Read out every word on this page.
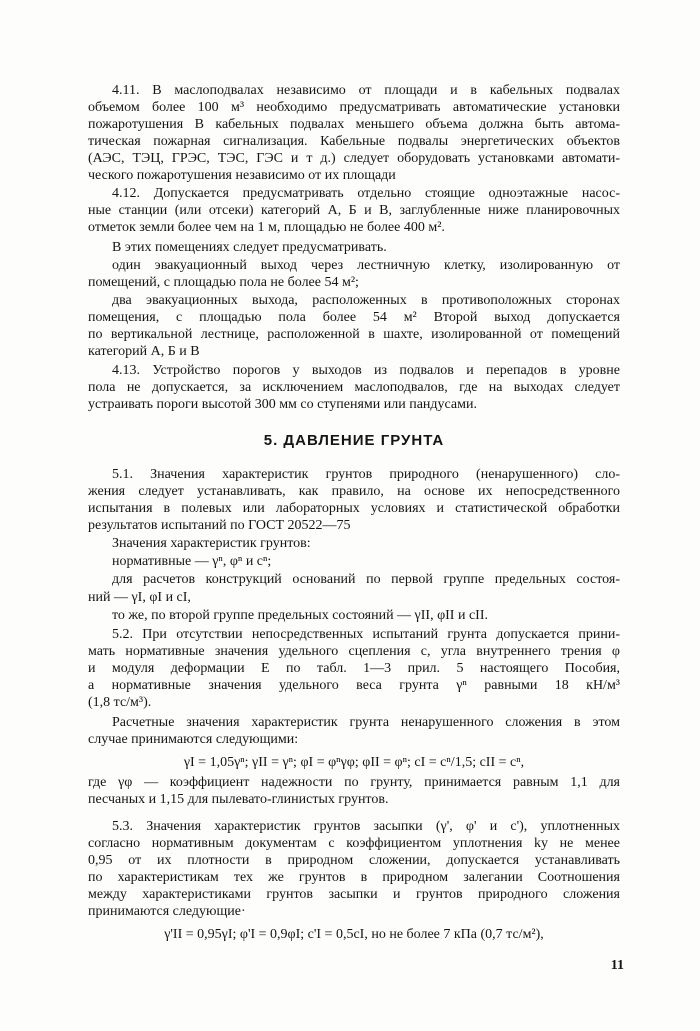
4.11. В маслоподвалах независимо от площади и в кабельных подвалах
объемом более 100 м³ необходимо предусматривать автоматические установки
пожаротушения В кабельных подвалах меньшего объема должна быть автома-
тическая пожарная сигнализация. Кабельные подвалы энергетических объектов
(АЭС, ТЭЦ, ГРЭС, ТЭС, ГЭС и т д.) следует оборудовать установками автомати-
ческого пожаротушения независимо от их площади
4.12. Допускается предусматривать отдельно стоящие одноэтажные насос-
ные станции (или отсеки) категорий А, Б и В, заглубленные ниже планировочных
отметок земли более чем на 1 м, площадью не более 400 м².
В этих помещениях следует предусматривать.
один эвакуационный выход через лестничную клетку, изолированную от
помещений, с площадью пола не более 54 м²;
два эвакуационных выхода, расположенных в противоположных сторонах
помещения, с площадью пола более 54 м² Второй выход допускается
по вертикальной лестнице, расположенной в шахте, изолированной от помещений
категорий А, Б и В
4.13. Устройство порогов у выходов из подвалов и перепадов в уровне
пола не допускается, за исключением маслоподвалов, где на выходах следует
устраивать пороги высотой 300 мм со ступенями или пандусами.
5. ДАВЛЕНИЕ ГРУНТА
5.1. Значения характеристик грунтов природного (ненарушенного) сло-
жения следует устанавливать, как правило, на основе их непосредственного
испытания в полевых или лабораторных условиях и статистической обработки
результатов испытаний по ГОСТ 20522—75
Значения характеристик грунтов:
нормативные — γⁿ, φⁿ и cⁿ;
для расчетов конструкций оснований по первой группе предельных состоя-
ний — γI, φI и cI,
то же, по второй группе предельных состояний — γII, φII и cII.
5.2. При отсутствии непосредственных испытаний грунта допускается прини-
мать нормативные значения удельного сцепления c, угла внутреннего трения φ
и модуля деформации E по табл. 1—3 прил. 5 настоящего Пособия,
а нормативные значения удельного веса грунта γⁿ равными 18 кН/м³
(1,8 тс/м³).
Расчетные значения характеристик грунта ненарушенного сложения в этом
случае принимаются следующими:
γI = 1,05γⁿ; γII = γⁿ; φI = φⁿγφ; φII = φⁿ; cI = cⁿ/1,5; cII = cⁿ,
где γφ — коэффициент надежности по грунту, принимается равным 1,1 для
песчаных и 1,15 для пылевато-глинистых грунтов.
5.3. Значения характеристик грунтов засыпки (γ', φ' и c'), уплотненных
согласно нормативным документам с коэффициентом уплотнения ky не менее
0,95 от их плотности в природном сложении, допускается устанавливать
по характеристикам тех же грунтов в природном залегании Соотношения
между характеристиками грунтов засыпки и грунтов природного сложения
принимаются следующие·
γ'II = 0,95γI; φ'I = 0,9φI; c'I = 0,5cI, но не более 7 кПа (0,7 тс/м²),
11
